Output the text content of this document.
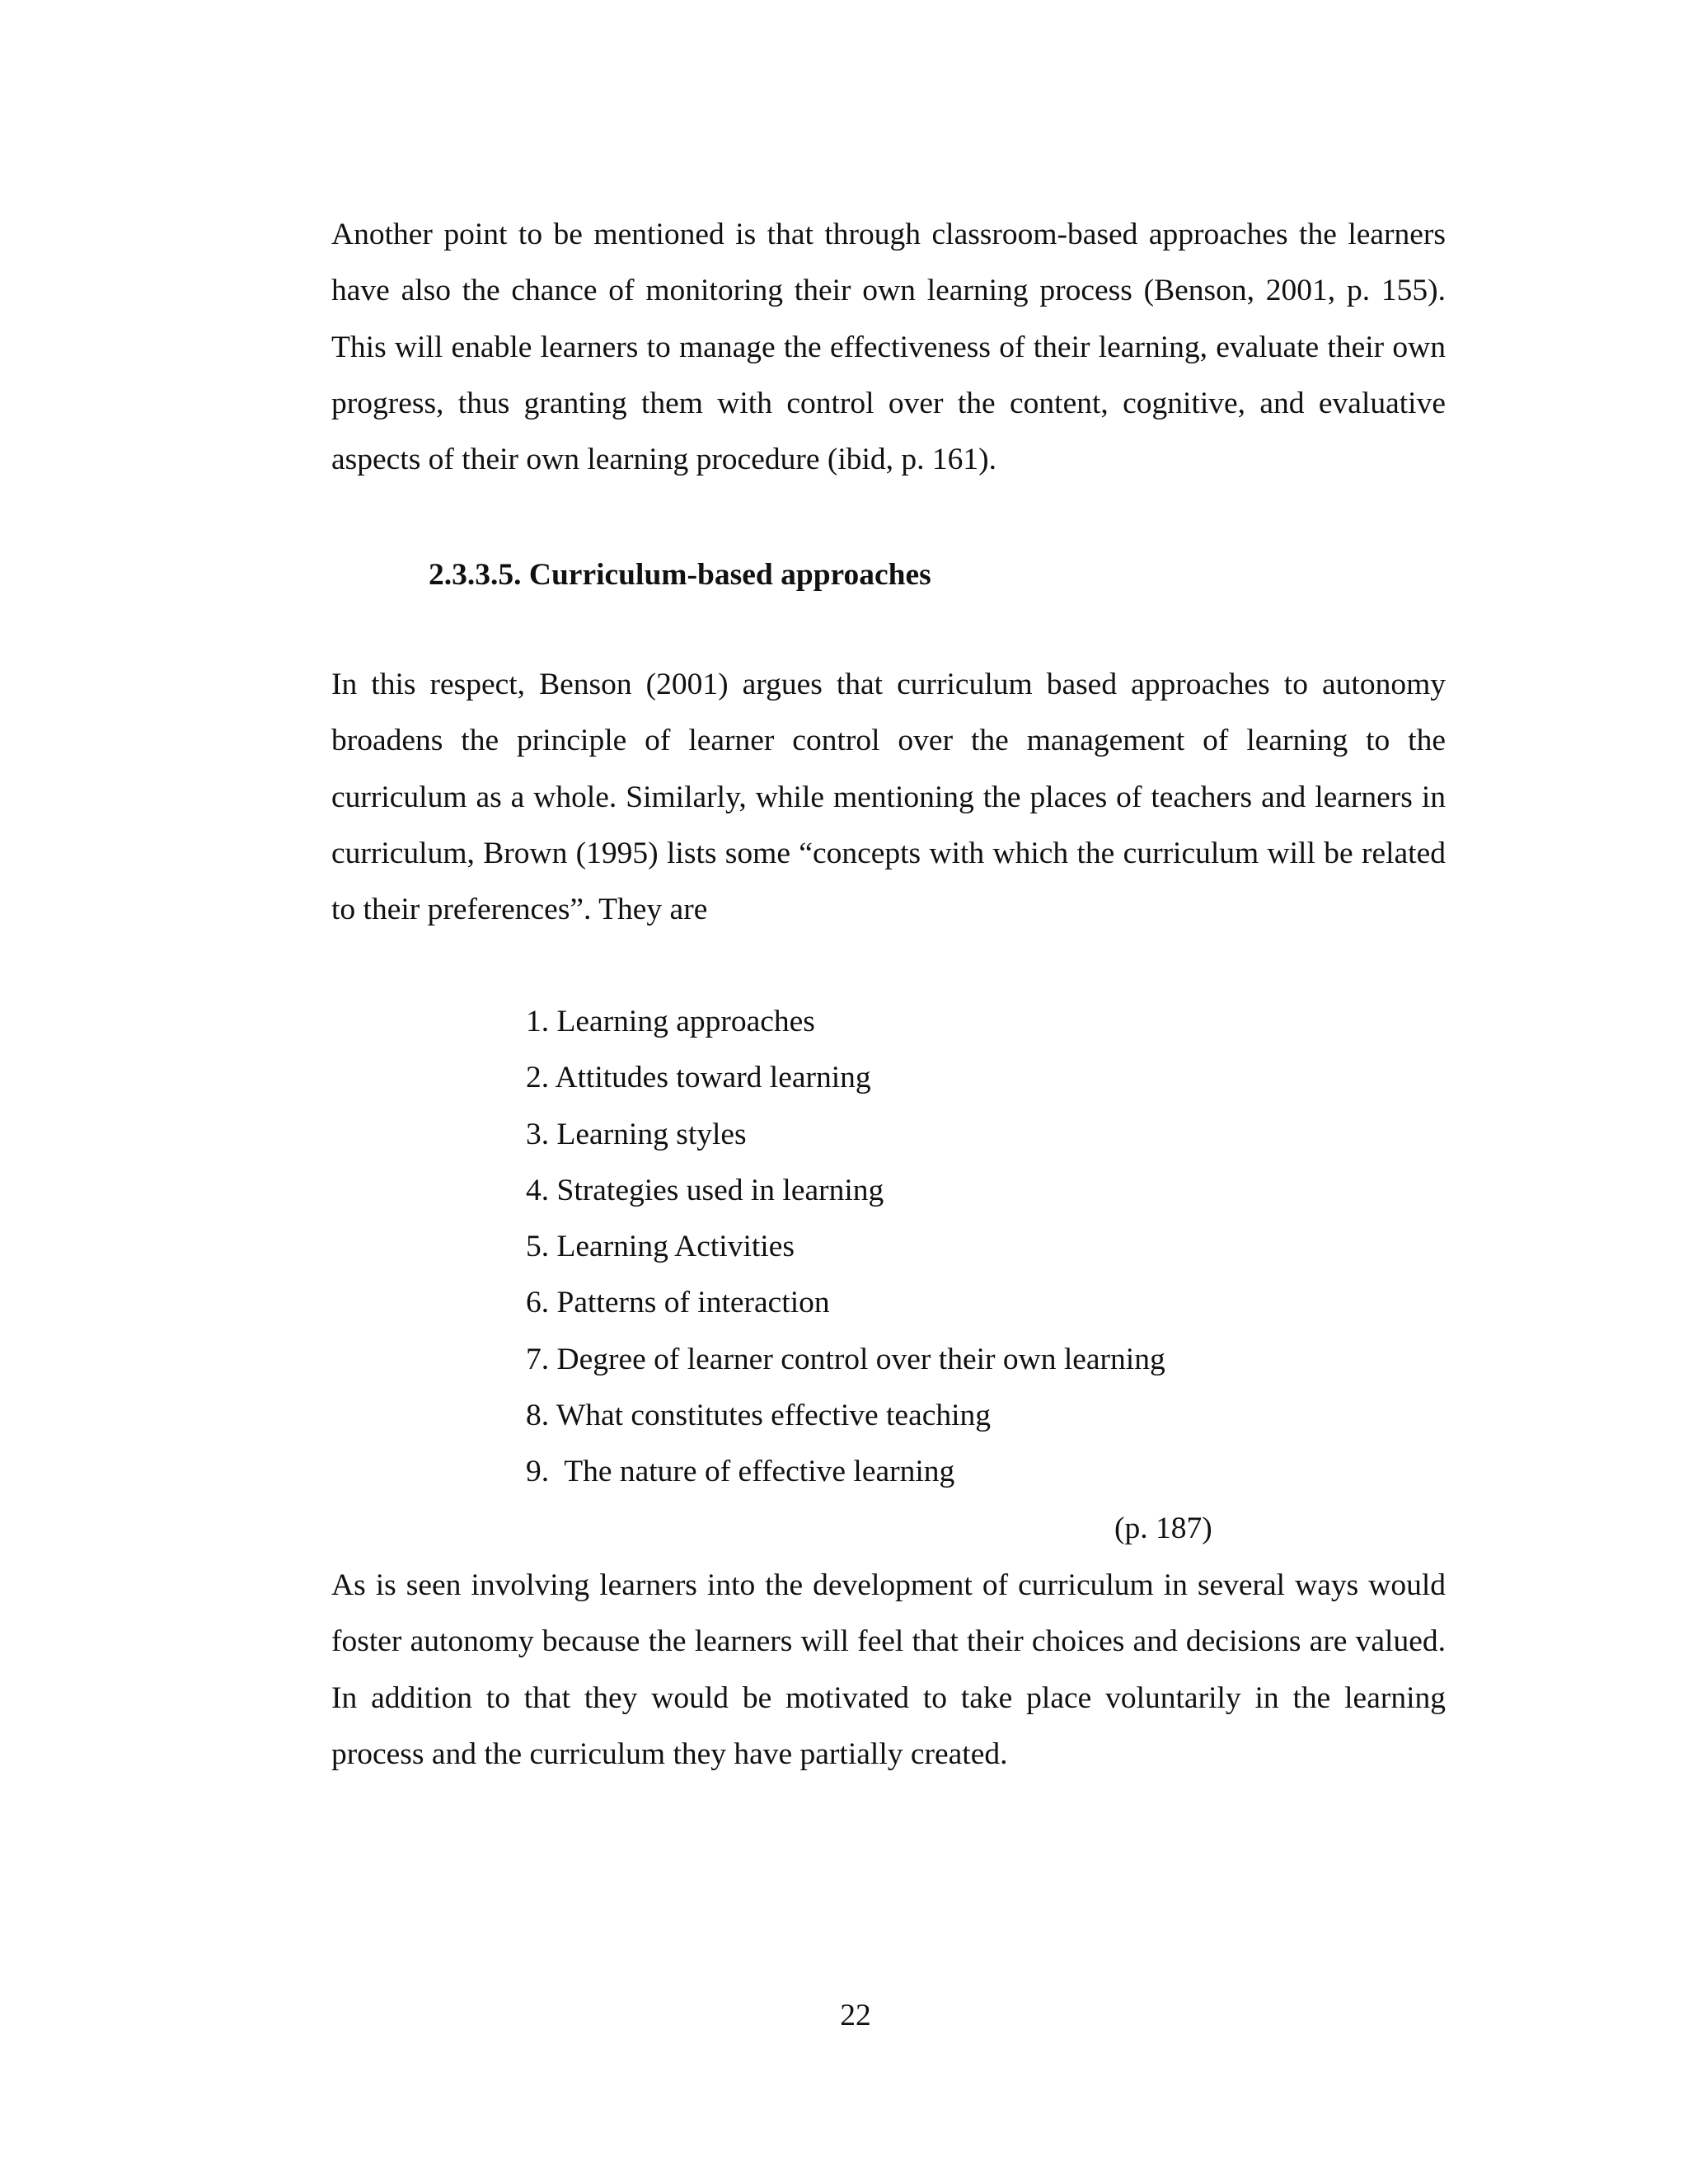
Another point to be mentioned is that through classroom-based approaches the learners have also the chance of monitoring their own learning process (Benson, 2001, p. 155). This will enable learners to manage the effectiveness of their learning, evaluate their own progress, thus granting them with control over the content, cognitive, and evaluative aspects of their own learning procedure (ibid, p. 161).

2.3.3.5. Curriculum-based approaches

In this respect, Benson (2001) argues that curriculum based approaches to autonomy broadens the principle of learner control over the management of learning to the curriculum as a whole. Similarly, while mentioning the places of teachers and learners in curriculum, Brown (1995) lists some “concepts with which the curriculum will be related to their preferences”. They are

1. Learning approaches
2. Attitudes toward learning
3. Learning styles
4. Strategies used in learning
5. Learning Activities
6. Patterns of interaction
7. Degree of learner control over their own learning
8. What constitutes effective teaching
9.  The nature of effective learning

(p. 187)

As is seen involving learners into the development of curriculum in several ways would foster autonomy because the learners will feel that their choices and decisions are valued. In addition to that they would be motivated to take place voluntarily in the learning process and the curriculum they have partially created.

22
